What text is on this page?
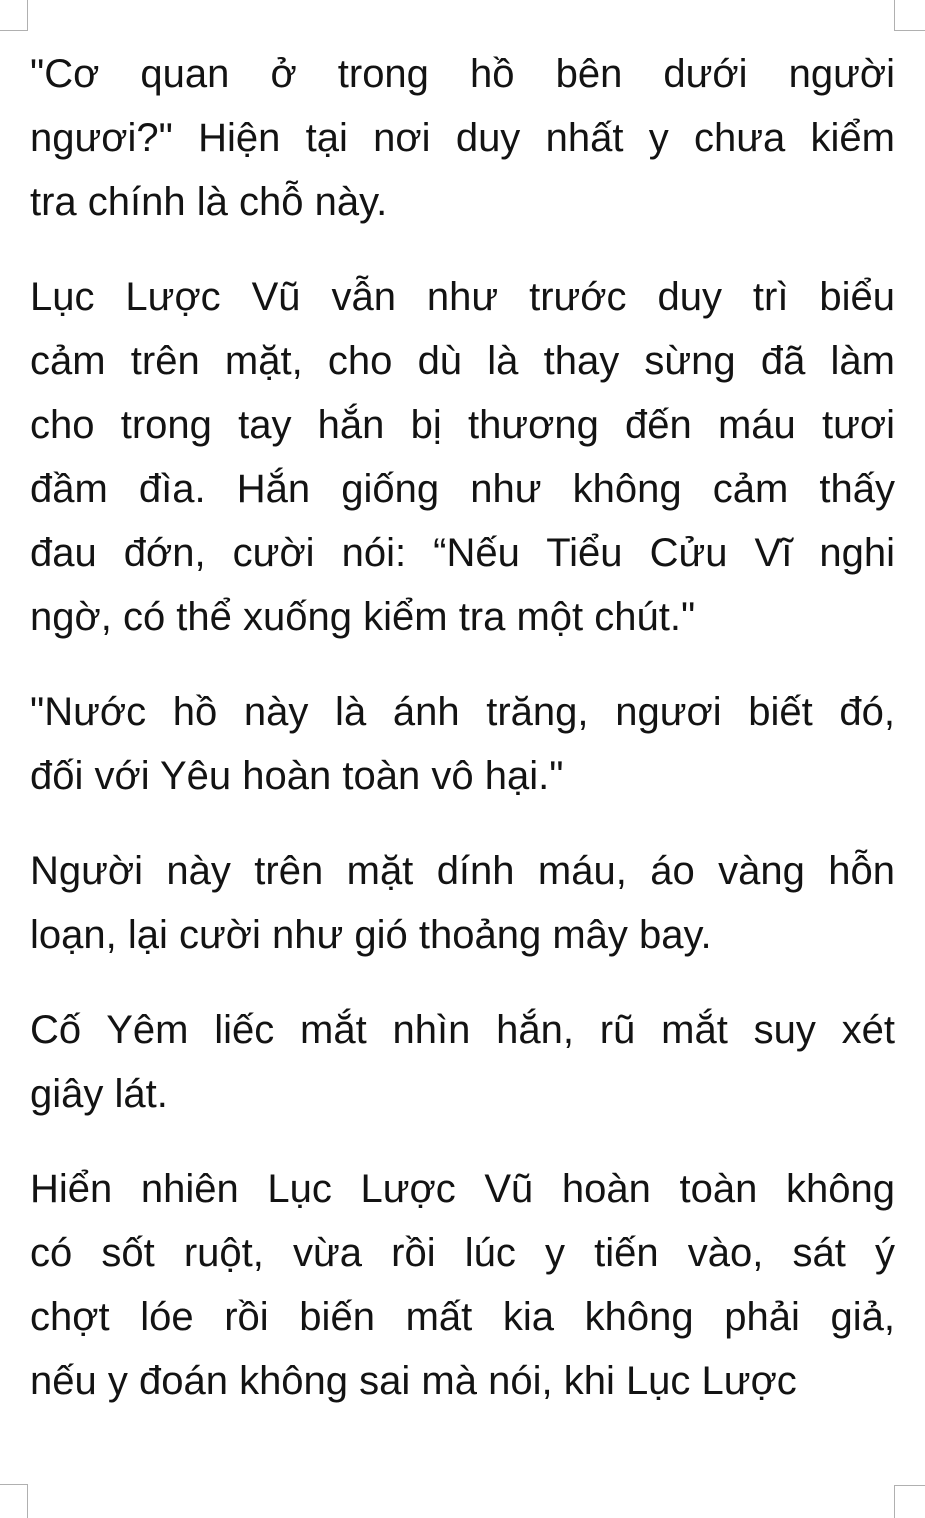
"Cơ quan ở trong hồ bên dưới người
ngươi?" Hiện tại nơi duy nhất y chưa kiểm
tra chính là chỗ này.
Lục Lược Vũ vẫn như trước duy trì biểu
cảm trên mặt, cho dù là thay sừng đã làm
cho trong tay hắn bị thương đến máu tươi
đầm đìa. Hắn giống như không cảm thấy
đau đớn, cười nói: “Nếu Tiểu Cửu Vĩ nghi
ngờ, có thể xuống kiểm tra một chút."
"Nước hồ này là ánh trăng, ngươi biết đó,
đối với Yêu hoàn toàn vô hại."
Người này trên mặt dính máu, áo vàng hỗn
loạn, lại cười như gió thoảng mây bay.
Cố Yêm liếc mắt nhìn hắn, rũ mắt suy xét
giây lát.
Hiển nhiên Lục Lược Vũ hoàn toàn không
có sốt ruột, vừa rồi lúc y tiến vào, sát ý
chợt lóe rồi biến mất kia không phải giả,
nếu y đoán không sai mà nói, khi Lục Lược
